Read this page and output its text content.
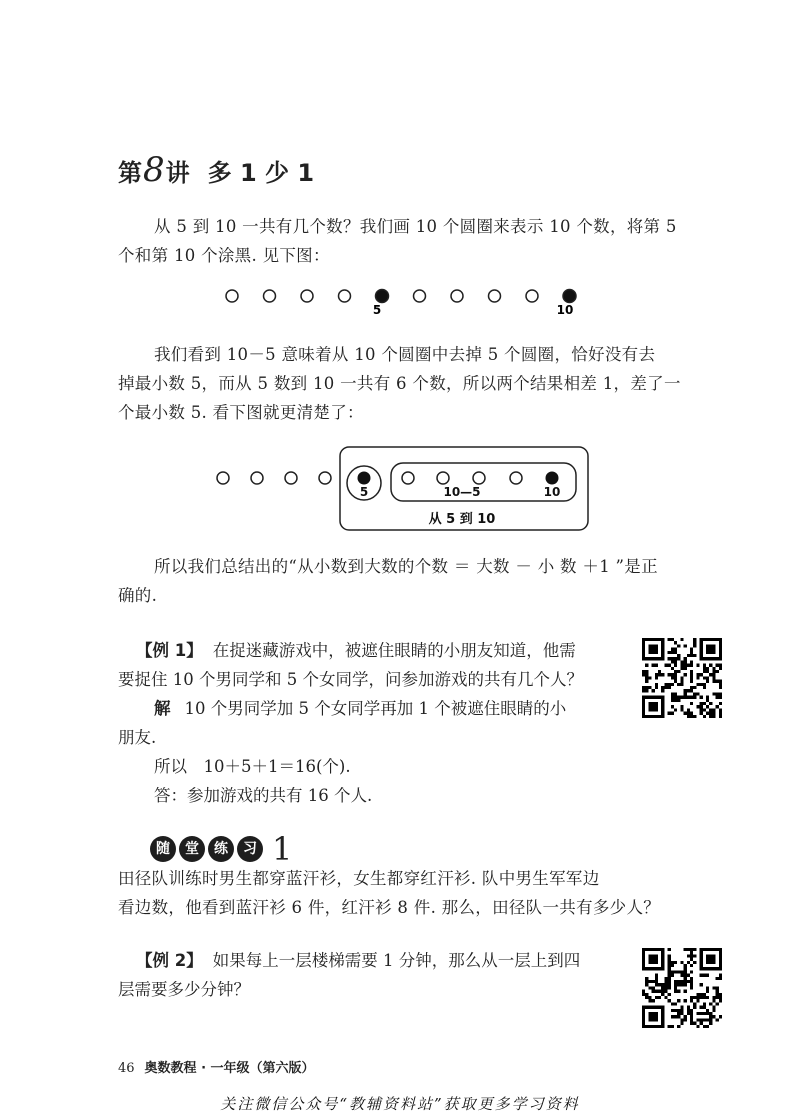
第8讲 多 1 少 1

从 5 到 10 一共有几个数？我们画 10 个圆圈来表示 10 个数，将第 5

个和第 10 个涂黑. 见下图：

5	10

我们看到 10－5 意味着从 10 个圆圈中去掉 5 个圆圈，恰好没有去

掉最小数 5，而从 5 数到 10 一共有 6 个数，所以两个结果相差 1，差了一

个最小数 5. 看下图就更清楚了：

5	10—5	10
从 5 到 10

所以我们总结出的“从小数到大数的个数 ＝ 大数 － 小 数 ＋1 ”是正

确的.

【例 1】 在捉迷藏游戏中，被遮住眼睛的小朋友知道，他需

要捉住 10 个男同学和 5 个女同学，问参加游戏的共有几个人？

解 10 个男同学加 5 个女同学再加 1 个被遮住眼睛的小

朋友.

所以　10＋5＋1＝16(个).

答：参加游戏的共有 16 个人.

随 堂 练 习 1

田径队训练时男生都穿蓝汗衫，女生都穿红汗衫. 队中男生军军边

看边数，他看到蓝汗衫 6 件，红汗衫 8 件. 那么，田径队一共有多少人？

【例 2】 如果每上一层楼梯需要 1 分钟，那么从一层上到四

层需要多少分钟？

46 奥数教程 · 一年级（第六版）
关注微信公众号“教辅资料站”获取更多学习资料
